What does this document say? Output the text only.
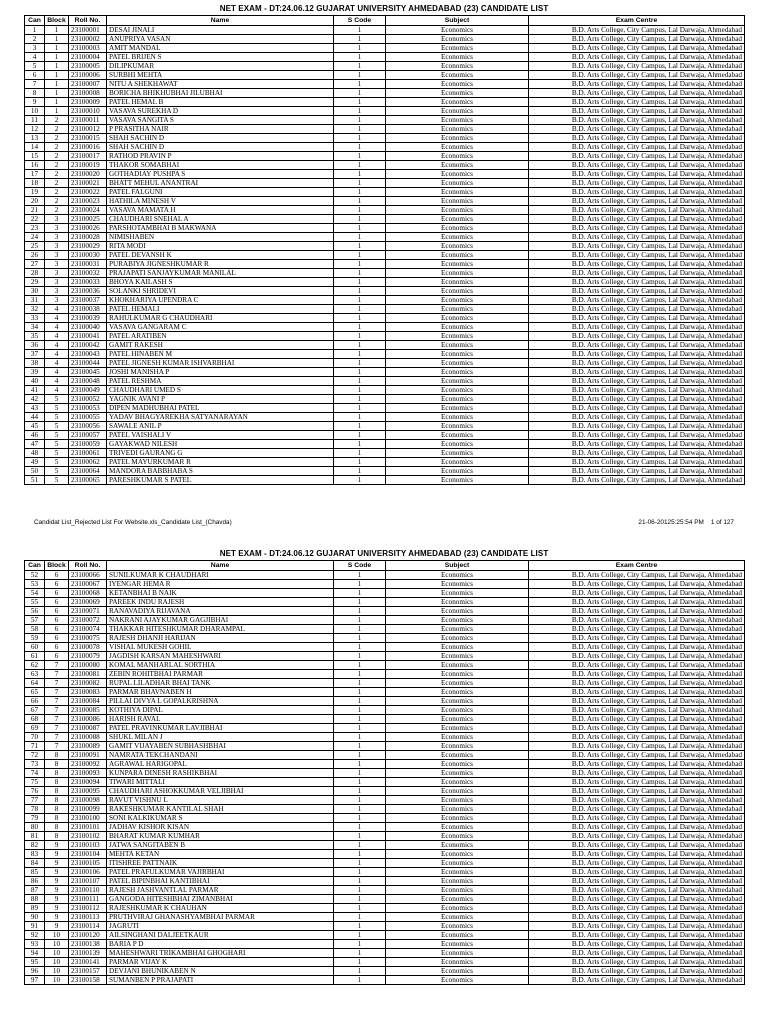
NET EXAM - DT:24.06.12 GUJARAT UNIVERSITY AHMEDABAD (23) CANDIDATE LIST
Can	Block	Roll No.	Name	S Code	Subject	Exam Centre
1	1	23100001	DESAI JINALI	1	Economics	B.D. Arts College, City Campus, Lal Darwaja, Ahmedabad
2	1	23100002	ANUPRIYA VASAN	1	Economics	B.D. Arts College, City Campus, Lal Darwaja, Ahmedabad
3	1	23100003	AMIT MANDAL	1	Economics	B.D. Arts College, City Campus, Lal Darwaja, Ahmedabad
4	1	23100004	PATEL BRIJEN S	1	Economics	B.D. Arts College, City Campus, Lal Darwaja, Ahmedabad
5	1	23100005	DILIPKUMAR	1	Economics	B.D. Arts College, City Campus, Lal Darwaja, Ahmedabad
6	1	23100006	SURBHI MEHTA	1	Economics	B.D. Arts College, City Campus, Lal Darwaja, Ahmedabad
7	1	23100007	NITU A SHEKHAWAT	1	Economics	B.D. Arts College, City Campus, Lal Darwaja, Ahmedabad
8	1	23100008	BORICHA BHIKHUBHAI JILUBHAI	1	Economics	B.D. Arts College, City Campus, Lal Darwaja, Ahmedabad
9	1	23100009	PATEL HEMAL B	1	Economics	B.D. Arts College, City Campus, Lal Darwaja, Ahmedabad
10	1	23100010	VASAVA SUREKHA D	1	Economics	B.D. Arts College, City Campus, Lal Darwaja, Ahmedabad
11	2	23100011	VASAVA SANGITA S	1	Economics	B.D. Arts College, City Campus, Lal Darwaja, Ahmedabad
12	2	23100012	P PRASITHA NAIR	1	Economics	B.D. Arts College, City Campus, Lal Darwaja, Ahmedabad
13	2	23100015	SHAH SACHIN D	1	Economics	B.D. Arts College, City Campus, Lal Darwaja, Ahmedabad
14	2	23100016	SHAH SACHIN D	1	Economics	B.D. Arts College, City Campus, Lal Darwaja, Ahmedabad
15	2	23100017	RATHOD PRAVIN P	1	Economics	B.D. Arts College, City Campus, Lal Darwaja, Ahmedabad
16	2	23100019	THAKOR SOMABHAI	1	Economics	B.D. Arts College, City Campus, Lal Darwaja, Ahmedabad
17	2	23100020	GOTHADIAY PUSHPA S	1	Economics	B.D. Arts College, City Campus, Lal Darwaja, Ahmedabad
18	2	23100021	BHATT MEHUL ANANTRAI	1	Economics	B.D. Arts College, City Campus, Lal Darwaja, Ahmedabad
19	2	23100022	PATEL FALGUNI	1	Economics	B.D. Arts College, City Campus, Lal Darwaja, Ahmedabad
20	2	23100023	HATHILA MINESH V	1	Economics	B.D. Arts College, City Campus, Lal Darwaja, Ahmedabad
21	2	23100024	VASAVA MAMATA H	1	Economics	B.D. Arts College, City Campus, Lal Darwaja, Ahmedabad
22	3	23100025	CHAUDHARI SNEHAL A	1	Economics	B.D. Arts College, City Campus, Lal Darwaja, Ahmedabad
23	3	23100026	PARSHOTAMBHAI B MAKWANA	1	Economics	B.D. Arts College, City Campus, Lal Darwaja, Ahmedabad
24	3	23100028	NIMISHABEN	1	Economics	B.D. Arts College, City Campus, Lal Darwaja, Ahmedabad
25	3	23100029	RITA MODI	1	Economics	B.D. Arts College, City Campus, Lal Darwaja, Ahmedabad
26	3	23100030	PATEL DEVANSH K	1	Economics	B.D. Arts College, City Campus, Lal Darwaja, Ahmedabad
27	3	23100031	PURABIYA JIGNESHKUMAR R	1	Economics	B.D. Arts College, City Campus, Lal Darwaja, Ahmedabad
28	3	23100032	PRAJAPATI SANJAYKUMAR MANILAL	1	Economics	B.D. Arts College, City Campus, Lal Darwaja, Ahmedabad
29	3	23100033	BHOYA KAILASH S	1	Economics	B.D. Arts College, City Campus, Lal Darwaja, Ahmedabad
30	3	23100036	SOLANKI SHRIDEVI	1	Economics	B.D. Arts College, City Campus, Lal Darwaja, Ahmedabad
31	3	23100037	KHOKHARIYA UPENDRA C	1	Economics	B.D. Arts College, City Campus, Lal Darwaja, Ahmedabad
32	4	23100038	PATEL HEMALI	1	Economics	B.D. Arts College, City Campus, Lal Darwaja, Ahmedabad
33	4	23100039	RAHULKUMAR G CHAUDHARI	1	Economics	B.D. Arts College, City Campus, Lal Darwaja, Ahmedabad
34	4	23100040	VASAVA GANGARAM C	1	Economics	B.D. Arts College, City Campus, Lal Darwaja, Ahmedabad
35	4	23100041	PATEL ARATIBEN	1	Economics	B.D. Arts College, City Campus, Lal Darwaja, Ahmedabad
36	4	23100042	GAMIT RAKESH	1	Economics	B.D. Arts College, City Campus, Lal Darwaja, Ahmedabad
37	4	23100043	PATEL HINABEN M	1	Economics	B.D. Arts College, City Campus, Lal Darwaja, Ahmedabad
38	4	23100044	PATEL JIGNESH KUMAR ISHVARBHAI	1	Economics	B.D. Arts College, City Campus, Lal Darwaja, Ahmedabad
39	4	23100045	JOSHI MANISHA P	1	Economics	B.D. Arts College, City Campus, Lal Darwaja, Ahmedabad
40	4	23100048	PATEL RESHMA	1	Economics	B.D. Arts College, City Campus, Lal Darwaja, Ahmedabad
41	4	23100049	CHAUDHARI UMED S	1	Economics	B.D. Arts College, City Campus, Lal Darwaja, Ahmedabad
42	5	23100052	YAGNIK AVANI P	1	Economics	B.D. Arts College, City Campus, Lal Darwaja, Ahmedabad
43	5	23100053	DIPEN MADHUBHAI PATEL	1	Economics	B.D. Arts College, City Campus, Lal Darwaja, Ahmedabad
44	5	23100055	YADAV BHAGYAREKHA SATYANARAYAN	1	Economics	B.D. Arts College, City Campus, Lal Darwaja, Ahmedabad
45	5	23100056	SAWALE ANIL P	1	Economics	B.D. Arts College, City Campus, Lal Darwaja, Ahmedabad
46	5	23100057	PATEL VAISHALI V	1	Economics	B.D. Arts College, City Campus, Lal Darwaja, Ahmedabad
47	5	23100059	GAYAKWAD NILESH	1	Economics	B.D. Arts College, City Campus, Lal Darwaja, Ahmedabad
48	5	23100061	TRIVEDI GAURANG G	1	Economics	B.D. Arts College, City Campus, Lal Darwaja, Ahmedabad
49	5	23100062	PATEL MAYURKUMAR R	1	Economics	B.D. Arts College, City Campus, Lal Darwaja, Ahmedabad
50	5	23100064	MANDORA BABBHABA S	1	Economics	B.D. Arts College, City Campus, Lal Darwaja, Ahmedabad
51	5	23100065	PARESHKUMAR S PATEL	1	Economics	B.D. Arts College, City Campus, Lal Darwaja, Ahmedabad
Candidat List_Rejected List For Website.xls_Candidate List_(Chavda)	21-06-20125:25:54 PM 1 of 127
NET EXAM - DT:24.06.12 GUJARAT UNIVERSITY AHMEDABAD (23) CANDIDATE LIST
Can	Block	Roll No.	Name	S Code	Subject	Exam Centre
52	6	23100066	SUNILKUMAR K CHAUDHARI	1	Economics	B.D. Arts College, City Campus, Lal Darwaja, Ahmedabad
53	6	23100067	IYENGAR HEMA R	1	Economics	B.D. Arts College, City Campus, Lal Darwaja, Ahmedabad
54	6	23100068	KETANBHAI B NAIK	1	Economics	B.D. Arts College, City Campus, Lal Darwaja, Ahmedabad
55	6	23100069	PAREEK INDU RAJESH	1	Economics	B.D. Arts College, City Campus, Lal Darwaja, Ahmedabad
56	6	23100071	RANAVADIYA RIJAVANA	1	Economics	B.D. Arts College, City Campus, Lal Darwaja, Ahmedabad
57	6	23100072	NAKRANI AJAYKUMAR GAGJIBHAI	1	Economics	B.D. Arts College, City Campus, Lal Darwaja, Ahmedabad
58	6	23100074	THAKKAR HITESHKUMAR DHARAMPAL	1	Economics	B.D. Arts College, City Campus, Lal Darwaja, Ahmedabad
59	6	23100075	RAJESH DHANJI HARIJAN	1	Economics	B.D. Arts College, City Campus, Lal Darwaja, Ahmedabad
60	6	23100078	VISHAL MUKESH GOHIL	1	Economics	B.D. Arts College, City Campus, Lal Darwaja, Ahmedabad
61	6	23100079	JAGDISH KARSAN MAHESHWARI	1	Economics	B.D. Arts College, City Campus, Lal Darwaja, Ahmedabad
62	7	23100080	KOMAL MANHARLAL SORTHIA	1	Economics	B.D. Arts College, City Campus, Lal Darwaja, Ahmedabad
63	7	23100081	ZEBIN ROHITBHAI PARMAR	1	Economics	B.D. Arts College, City Campus, Lal Darwaja, Ahmedabad
64	7	23100082	RUPAL LILADHAR BHAI TANK	1	Economics	B.D. Arts College, City Campus, Lal Darwaja, Ahmedabad
65	7	23100083	PARMAR BHAVNABEN H	1	Economics	B.D. Arts College, City Campus, Lal Darwaja, Ahmedabad
66	7	23100084	PILLAI DIVYA L GOPALKRISHNA	1	Economics	B.D. Arts College, City Campus, Lal Darwaja, Ahmedabad
67	7	23100085	KOTHIYA DIPAL	1	Economics	B.D. Arts College, City Campus, Lal Darwaja, Ahmedabad
68	7	23100086	HARISH RAVAL	1	Economics	B.D. Arts College, City Campus, Lal Darwaja, Ahmedabad
69	7	23100087	PATEL PRAVINKUMAR LAVJIBHAI	1	Economics	B.D. Arts College, City Campus, Lal Darwaja, Ahmedabad
70	7	23100088	SHUKL MILAN J	1	Economics	B.D. Arts College, City Campus, Lal Darwaja, Ahmedabad
71	7	23100089	GAMIT VIJAYABEN SUBHASHBHAI	1	Economics	B.D. Arts College, City Campus, Lal Darwaja, Ahmedabad
72	8	23100091	NAMRATA TEKCHANDANI	1	Economics	B.D. Arts College, City Campus, Lal Darwaja, Ahmedabad
73	8	23100092	AGRAWAL HARIGOPAL	1	Economics	B.D. Arts College, City Campus, Lal Darwaja, Ahmedabad
74	8	23100093	KUNPARA DINESH RASHIKBHAI	1	Economics	B.D. Arts College, City Campus, Lal Darwaja, Ahmedabad
75	8	23100094	TIWARI MITTALI	1	Economics	B.D. Arts College, City Campus, Lal Darwaja, Ahmedabad
76	8	23100095	CHAUDHARI ASHOKKUMAR VELJIBHAI	1	Economics	B.D. Arts College, City Campus, Lal Darwaja, Ahmedabad
77	8	23100098	RAVUT VISHNU L	1	Economics	B.D. Arts College, City Campus, Lal Darwaja, Ahmedabad
78	8	23100099	RAKESHKUMAR KANTILAL SHAH	1	Economics	B.D. Arts College, City Campus, Lal Darwaja, Ahmedabad
79	8	23100100	SONI KALKIKUMAR S	1	Economics	B.D. Arts College, City Campus, Lal Darwaja, Ahmedabad
80	8	23100101	JADHAV KISHOR KISAN	1	Economics	B.D. Arts College, City Campus, Lal Darwaja, Ahmedabad
81	8	23100102	BHARAT KUMAR KUMHAR	1	Economics	B.D. Arts College, City Campus, Lal Darwaja, Ahmedabad
82	9	23100103	JATWA SANGITABEN B	1	Economics	B.D. Arts College, City Campus, Lal Darwaja, Ahmedabad
83	9	23100104	MEHTA KETAN	1	Economics	B.D. Arts College, City Campus, Lal Darwaja, Ahmedabad
84	9	23100105	ITISHREE PATTNAIK	1	Economics	B.D. Arts College, City Campus, Lal Darwaja, Ahmedabad
85	9	23100106	PATEL PRAFULKUMAR VAJIRBHAI	1	Economics	B.D. Arts College, City Campus, Lal Darwaja, Ahmedabad
86	9	23100107	PATEL BIPINBHAI KANTIBHAI	1	Economics	B.D. Arts College, City Campus, Lal Darwaja, Ahmedabad
87	9	23100110	RAJESH JASHVANTLAL PARMAR	1	Economics	B.D. Arts College, City Campus, Lal Darwaja, Ahmedabad
88	9	23100111	GANGODA HITESHBHAI ZIMANBHAI	1	Economics	B.D. Arts College, City Campus, Lal Darwaja, Ahmedabad
89	9	23100112	RAJESHKUMAR K CHAUHAN	1	Economics	B.D. Arts College, City Campus, Lal Darwaja, Ahmedabad
90	9	23100113	PRUTHVIRAJ GHANASHYAMBHAI PARMAR	1	Economics	B.D. Arts College, City Campus, Lal Darwaja, Ahmedabad
91	9	23100114	JAGRUTI	1	Economics	B.D. Arts College, City Campus, Lal Darwaja, Ahmedabad
92	10	23100120	AILSINGHANI DALJEETKAUR	1	Economics	B.D. Arts College, City Campus, Lal Darwaja, Ahmedabad
93	10	23100138	BARIA P D	1	Economics	B.D. Arts College, City Campus, Lal Darwaja, Ahmedabad
94	10	23100139	MAHESHWARI TRIKAMBHAI GHOGHARI	1	Economics	B.D. Arts College, City Campus, Lal Darwaja, Ahmedabad
95	10	23100141	PARMAR VIJAY K	1	Economics	B.D. Arts College, City Campus, Lal Darwaja, Ahmedabad
96	10	23100157	DEVJANI BHUNIKABEN N	1	Economics	B.D. Arts College, City Campus, Lal Darwaja, Ahmedabad
97	10	23100158	SUMANBEN P PRAJAPATI	1	Economics	B.D. Arts College, City Campus, Lal Darwaja, Ahmedabad
